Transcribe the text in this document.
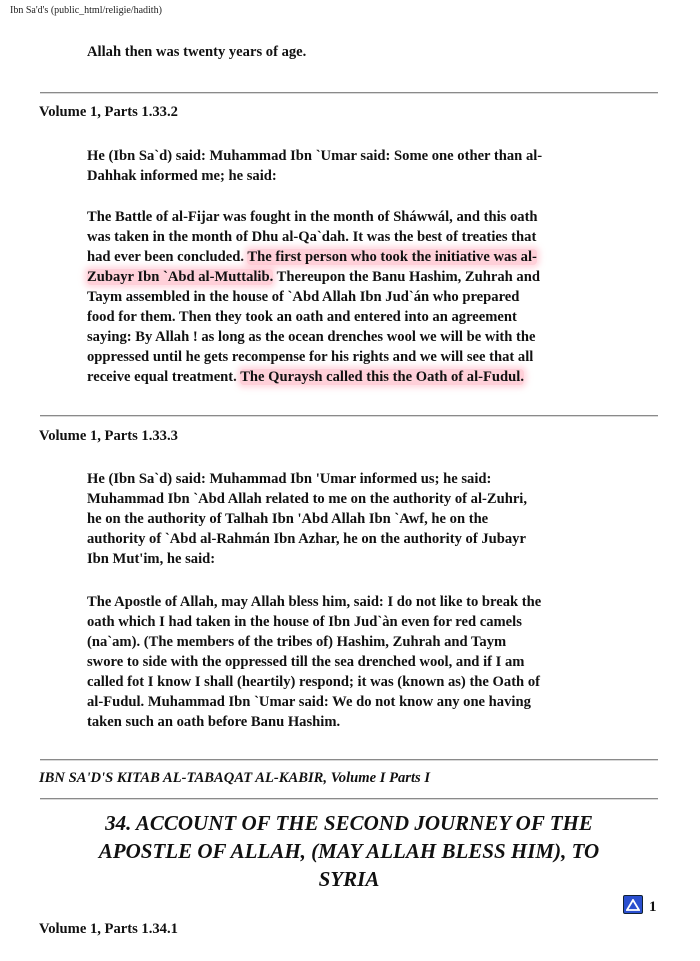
Ibn Sa'd's (public_html/religie/hadith)
Allah then was twenty years of age.
Volume 1, Parts 1.33.2
He (Ibn Sa`d) said: Muhammad Ibn `Umar said: Some one other than al-
Dahhak informed me; he said:
The Battle of al-Fijar was fought in the month of Sháwwál, and this oath
was taken in the month of Dhu al-Qa`dah. It was the best of treaties that
had ever been concluded. The first person who took the initiative was al-
Zubayr Ibn `Abd al-Muttalib. Thereupon the Banu Hashim, Zuhrah and
Taym assembled in the house of `Abd Allah Ibn Jud`án who prepared
food for them. Then they took an oath and entered into an agreement
saying: By Allah ! as long as the ocean drenches wool we will be with the
oppressed until he gets recompense for his rights and we will see that all
receive equal treatment. The Quraysh called this the Oath of al-Fudul.
Volume 1, Parts 1.33.3
He (Ibn Sa`d) said: Muhammad Ibn 'Umar informed us; he said:
Muhammad Ibn `Abd Allah related to me on the authority of al-Zuhri,
he on the authority of Talhah Ibn 'Abd Allah Ibn `Awf, he on the
authority of `Abd al-Rahmán Ibn Azhar, he on the authority of Jubayr
Ibn Mut'im, he said:
The Apostle of Allah, may Allah bless him, said: I do not like to break the
oath which I had taken in the house of Ibn Jud`àn even for red camels
(na`am). (The members of the tribes of) Hashim, Zuhrah and Taym
swore to side with the oppressed till the sea drenched wool, and if I am
called fot I know I shall (heartily) respond; it was (known as) the Oath of
al-Fudul. Muhammad Ibn `Umar said: We do not know any one having
taken such an oath before Banu Hashim.
IBN SA'D'S KITAB AL-TABAQAT AL-KABIR, Volume I Parts I
34. ACCOUNT OF THE SECOND JOURNEY OF THE
APOSTLE OF ALLAH, (MAY ALLAH BLESS HIM), TO
SYRIA
1
Volume 1, Parts 1.34.1
